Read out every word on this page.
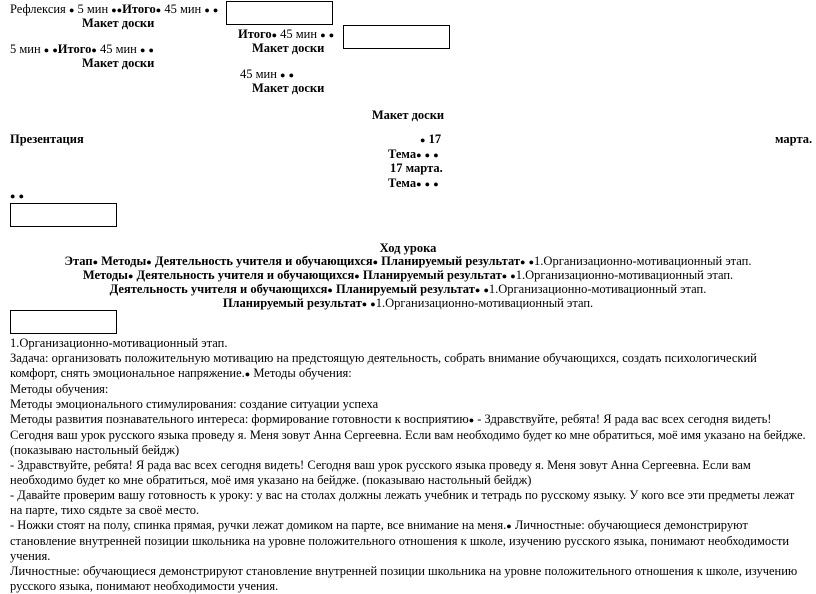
Рефлексия ● 5 мин ●●Итого● 45 мин ● ●
Макет доски
5 мин ● ●Итого● 45 мин ● ●
Макет доски
Итого● 45 мин ● ●
Макет доски
45 мин ● ●
Макет доски
Макет доски
Презентация	● 17	марта.
Тема● ● ●
17 марта.
Тема● ● ●
● ●
Ход урока
Этап● Методы● Деятельность учителя и обучающихся● Планируемый результат● ●1.Организационно-мотивационный этап.
Методы● Деятельность учителя и обучающихся● Планируемый результат● ●1.Организационно-мотивационный этап.
Деятельность учителя и обучающихся● Планируемый результат● ●1.Организационно-мотивационный этап.
Планируемый результат● ●1.Организационно-мотивационный этап.

1.Организационно-мотивационный этап.

Задача: организовать положительную мотивацию на предстоящую деятельность, собрать внимание обучающихся, создать психологический комфорт, снять эмоциональное напряжение.● Методы обучения:

Методы обучения:

Методы эмоционального стимулирования: создание ситуации успеха

Методы развития познавательного интереса: формирование готовности к восприятию● - Здравствуйте, ребята! Я рада вас всех сегодня видеть! Сегодня ваш урок русского языка проведу я. Меня зовут Анна Сергеевна. Если вам необходимо будет ко мне обратиться, моё имя указано на бейдже. (показываю настольный бейдж)

- Здравствуйте, ребята! Я рада вас всех сегодня видеть! Сегодня ваш урок русского языка проведу я. Меня зовут Анна Сергеевна. Если вам необходимо будет ко мне обратиться, моё имя указано на бейдже. (показываю настольный бейдж)

- Давайте проверим вашу готовность к уроку: у вас на столах должны лежать учебник и тетрадь по русскому языку. У кого все эти предметы лежат на парте, тихо сядьте за своё место.

- Ножки стоят на полу, спинка прямая, ручки лежат домиком на парте, все внимание на меня.● Личностные: обучающиеся демонстрируют становление внутренней позиции школьника на уровне положительного отношения к школе, изучению русского языка, понимают необходимости учения.

Личностные: обучающиеся демонстрируют становление внутренней позиции школьника на уровне положительного отношения к школе, изучению русского языка, понимают необходимости учения.
